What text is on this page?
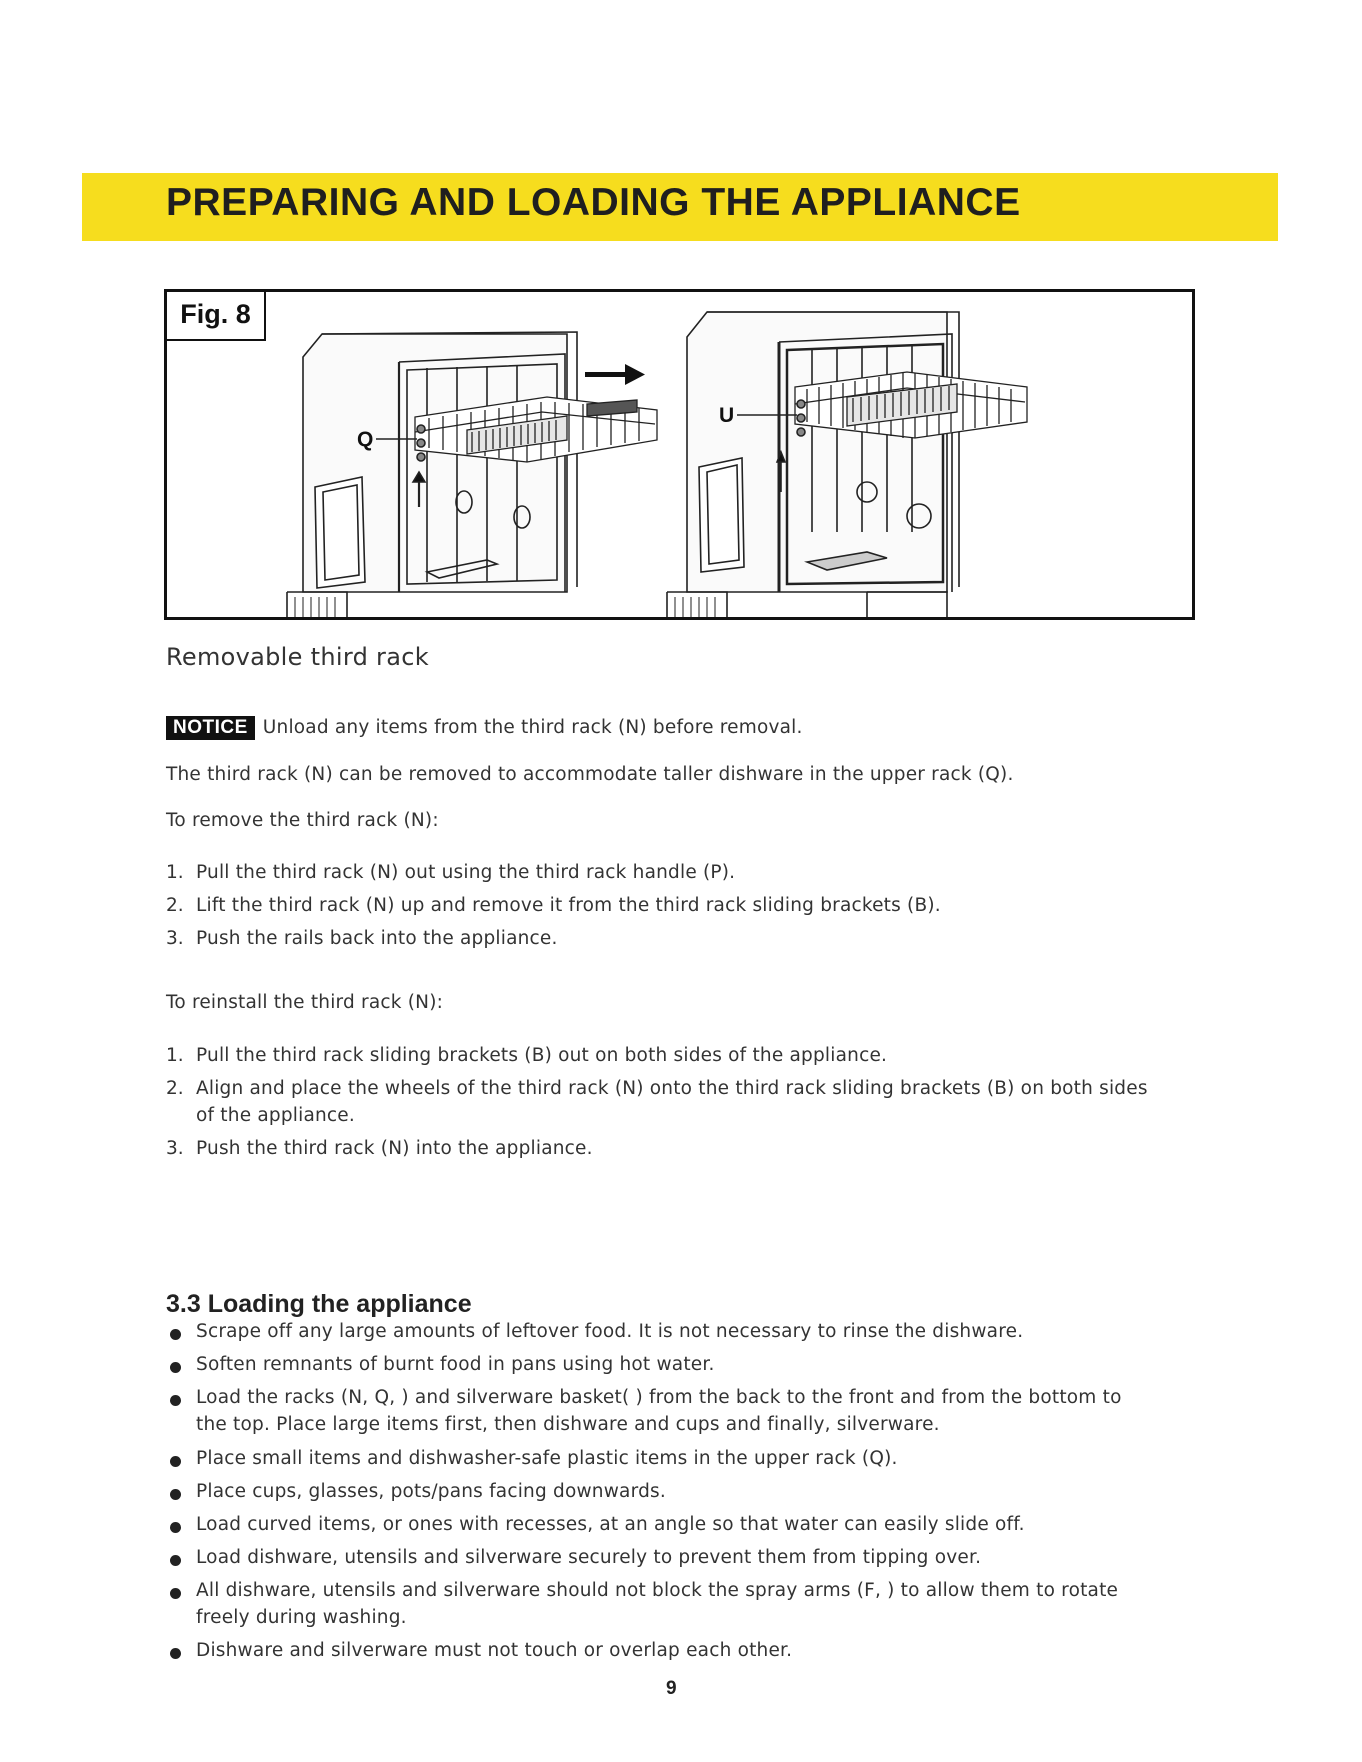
PREPARING AND LOADING THE APPLIANCE
Fig. 8
Q
U
Removable third rack
NOTICE Unload any items from the third rack (N) before removal.
The third rack (N) can be removed to accommodate taller dishware in the upper rack (Q).
To remove the third rack (N):
1. Pull the third rack (N) out using the third rack handle (P).
2. Lift the third rack (N) up and remove it from the third rack sliding brackets (B).
3. Push the rails back into the appliance.
To reinstall the third rack (N):
1. Pull the third rack sliding brackets (B) out on both sides of the appliance.
2. Align and place the wheels of the third rack (N) onto the third rack sliding brackets (B) on both sides
of the appliance.
3. Push the third rack (N) into the appliance.
3.3 Loading the appliance
Scrape off any large amounts of leftover food. It is not necessary to rinse the dishware.
Soften remnants of burnt food in pans using hot water.
Load the racks (N, Q, ) and silverware basket( ) from the back to the front and from the bottom to
the top. Place large items first, then dishware and cups and finally, silverware.
Place small items and dishwasher-safe plastic items in the upper rack (Q).
Place cups, glasses, pots/pans facing downwards.
Load curved items, or ones with recesses, at an angle so that water can easily slide off.
Load dishware, utensils and silverware securely to prevent them from tipping over.
All dishware, utensils and silverware should not block the spray arms (F, ) to allow them to rotate
freely during washing.
Dishware and silverware must not touch or overlap each other.
9
